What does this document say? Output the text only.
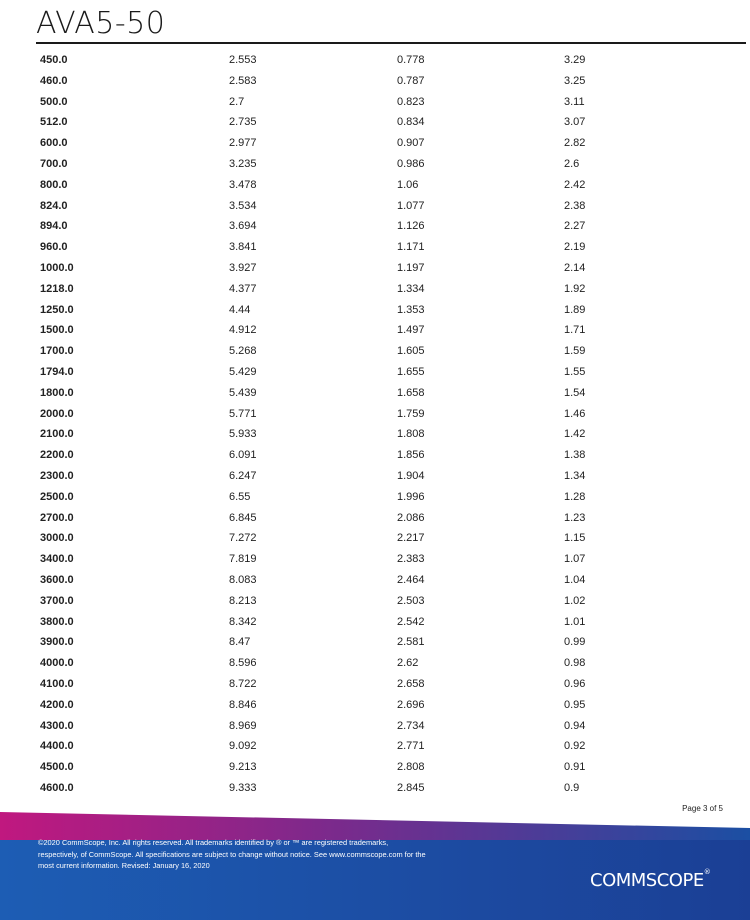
AVA5-50
450.0	2.553	0.778	3.29
460.0	2.583	0.787	3.25
500.0	2.7	0.823	3.11
512.0	2.735	0.834	3.07
600.0	2.977	0.907	2.82
700.0	3.235	0.986	2.6
800.0	3.478	1.06	2.42
824.0	3.534	1.077	2.38
894.0	3.694	1.126	2.27
960.0	3.841	1.171	2.19
1000.0	3.927	1.197	2.14
1218.0	4.377	1.334	1.92
1250.0	4.44	1.353	1.89
1500.0	4.912	1.497	1.71
1700.0	5.268	1.605	1.59
1794.0	5.429	1.655	1.55
1800.0	5.439	1.658	1.54
2000.0	5.771	1.759	1.46
2100.0	5.933	1.808	1.42
2200.0	6.091	1.856	1.38
2300.0	6.247	1.904	1.34
2500.0	6.55	1.996	1.28
2700.0	6.845	2.086	1.23
3000.0	7.272	2.217	1.15
3400.0	7.819	2.383	1.07
3600.0	8.083	2.464	1.04
3700.0	8.213	2.503	1.02
3800.0	8.342	2.542	1.01
3900.0	8.47	2.581	0.99
4000.0	8.596	2.62	0.98
4100.0	8.722	2.658	0.96
4200.0	8.846	2.696	0.95
4300.0	8.969	2.734	0.94
4400.0	9.092	2.771	0.92
4500.0	9.213	2.808	0.91
4600.0	9.333	2.845	0.9
Page 3 of 5
©2020 CommScope, Inc. All rights reserved. All trademarks identified by ® or ™ are registered trademarks,
respectively, of CommScope. All specifications are subject to change without notice. See www.commscope.com for the
most current information. Revised: January 16, 2020
COMMSCOPE®
